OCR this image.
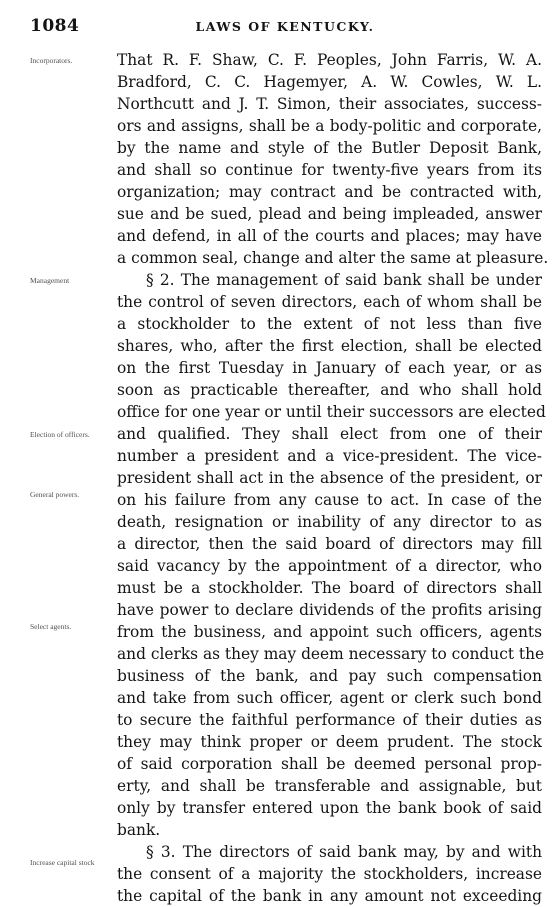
1084	LAWS OF KENTUCKY.
Incorporators.
Management
Election of officers.
General powers.
Select agents.
Increase capital stock
That R. F. Shaw, C. F. Peoples, John Farris, W. A.
Bradford, C. C. Hagemyer, A. W. Cowles, W. L.
Northcutt and J. T. Simon, their associates, success-
ors and assigns, shall be a body-politic and corporate,
by the name and style of the Butler Deposit Bank,
and shall so continue for twenty-five years from its
organization; may contract and be contracted with,
sue and be sued, plead and being impleaded, answer
and defend, in all of the courts and places; may have
a common seal, change and alter the same at pleasure.
§ 2. The management of said bank shall be under
the control of seven directors, each of whom shall be
a stockholder to the extent of not less than five
shares, who, after the first election, shall be elected
on the first Tuesday in January of each year, or as
soon as practicable thereafter, and who shall hold
office for one year or until their successors are elected
and qualified. They shall elect from one of their
number a president and a vice-president. The vice-
president shall act in the absence of the president, or
on his failure from any cause to act. In case of the
death, resignation or inability of any director to as
a director, then the said board of directors may fill
said vacancy by the appointment of a director, who
must be a stockholder. The board of directors shall
have power to declare dividends of the profits arising
from the business, and appoint such officers, agents
and clerks as they may deem necessary to conduct the
business of the bank, and pay such compensation
and take from such officer, agent or clerk such bond
to secure the faithful performance of their duties as
they may think proper or deem prudent. The stock
of said corporation shall be deemed personal prop-
erty, and shall be transferable and assignable, but
only by transfer entered upon the bank book of said
bank.
§ 3. The directors of said bank may, by and with
the consent of a majority the stockholders, increase
the capital of the bank in any amount not exceeding
